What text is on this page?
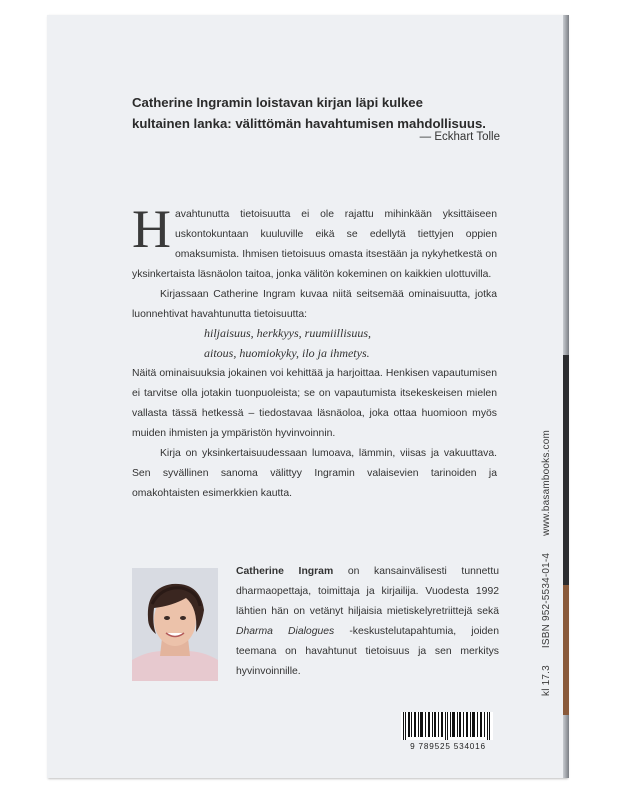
Catherine Ingramin loistavan kirjan läpi kulkee
kultainen lanka: välittömän havahtumisen mahdollisuus.
— Eckhart Tolle

Havahtunutta tietoisuutta ei ole rajattu mihinkään yksittäiseen uskontokuntaan kuuluville eikä se edellytä tiettyjen oppien omaksumista. Ihmisen tietoisuus omasta itsestään ja nykyhetkestä on yksinkertaista läsnäolon taitoa, jonka välitön kokeminen on kaikkien ulottuvilla.

Kirjassaan Catherine Ingram kuvaa niitä seitsemää ominaisuutta, jotka luonnehtivat havahtunutta tietoisuutta:

hiljaisuus, herkkyys, ruumiillisuus,

aitous, huomiokyky, ilo ja ihmetys.

Näitä ominaisuuksia jokainen voi kehittää ja harjoittaa. Henkisen vapautumisen ei tarvitse olla jotakin tuonpuoleista; se on vapautumista itsekeskeisen mielen vallasta tässä hetkessä – tiedostavaa läsnäoloa, joka ottaa huomioon myös muiden ihmisten ja ympäristön hyvinvoinnin.

Kirja on yksinkertaisuudessaan lumoava, lämmin, viisas ja vakuuttava. Sen syvällinen sanoma välittyy Ingramin valaisevien tarinoiden ja omakohtaisten esimerkkien kautta.

Catherine Ingram on kansainvälisesti tunnettu dharmaopettaja, toimittaja ja kirjailija. Vuodesta 1992 lähtien hän on vetänyt hiljaisia mietiskelyretriittejä sekä Dharma Dialogues -keskustelutapahtumia, joiden teemana on havahtunut tietoisuus ja sen merkitys hyvinvoinnille.	kl 17.3 ISBN 952-5534-01-4 www.basambooks.com
9 789525 534016
